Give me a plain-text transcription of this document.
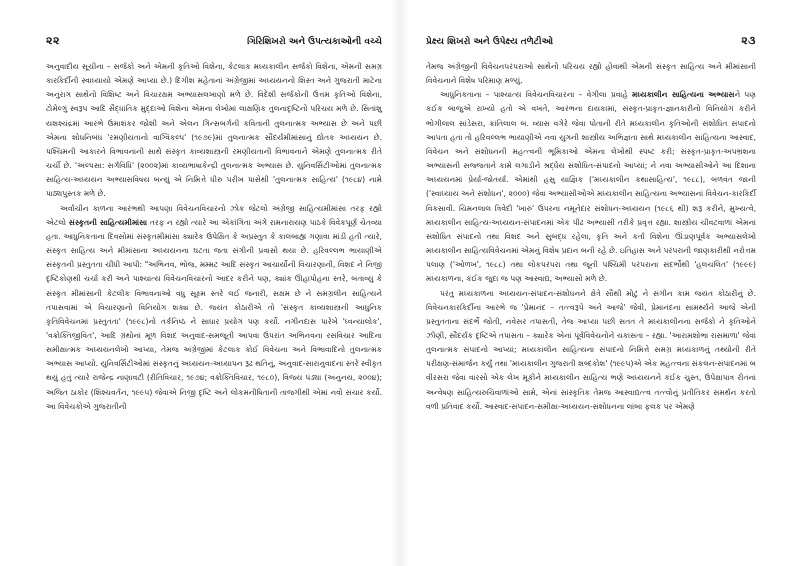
૨૨	ગિરિશિખરો અને ઉપત્યકાઓની વચ્ચે

અનુવાદીય સૂચીના – સર્જકો અને એમની કૃતિઓ વિશેના, કેટલાક મધ્યકાલીન સર્જકો વિશેના, એમની સમગ્ર કારકિર્દીની સ્વાધ્યાયો એમણે આપ્યા છે.) દિગીશ મહેતાનાં અંગ્રેજીમાં અધ્યયનનો શિસ્ત અને ગુજરાતી માટેના અનુરાગ સાથેનો વિશિષ્ટ અને વિચારક્ષમ અભ્યાસલખાણો મળે છે. વિદેશી સર્જકોની ઉત્તમ કૃતિઓ વિશેના, ટોમેલ્ગું સ્વરૂપ આદિ સૈદ્ધાંતિક મુદ્દાઓ વિશેના એમના લેખોમાં લાક્ષણિક તુલનાદૃષ્ટિનો પરિચય મળે છે. સિતાંશુ યશશ્ચંદ્રમાં આરંભે ઉમાશંકર જોશી અને એલન ગિન્સબર્ગની કવિતાની તુલનાત્મક અભ્યાસ છે અને પછી એમના શોધનિબંધ 'રમણીયતાનો વાગ્વિકલ્પ' (૧૯૭૯)માં તુલનાત્મક સૌંદર્યમીમાંસાનું દ્યોતક અધ્યયન છે. પશ્ચિમની આકારને વિભાવનાની સાથે સંસ્કૃત કાવ્યશાસ્ત્રની રમણીયતાની વિભાવનાને એમણે તુલનાત્મક રીતે ચર્ચી છે. 'અલ્પસા: સર્ગવિધિ' (૨૦૦૨)માં કાવ્યભાષાકેન્દ્રી તુલનાત્મક અભ્યાસ છે. યુનિવર્સિટીઓમાં તુલનાત્મક સાહિત્ય-અધ્યયન અભ્યાસવિષય બન્યું એ નિમિત્તે ધીરુ પરીખ પાસેથી 'તુલનાત્મક સાહિત્ય' (૧૯૮૪) નામે પાઠ્યપુસ્તક મળે છે.

અર્વાચીન કાળના આરંભથી આપણા વિવેચનવિચારનો ઝોક જેટલો અંગ્રેજી સાહિત્યમીમાંસા તરફ રહ્યો એટલો સંસ્કૃતની સાહિત્યમીમાંસા તરફ ન રહ્યો ત્યારે આ એકાંગિતા અંગે રામનારાયણ પાઠકે વિવેકપૂર્ણ ચેતવ્યા હતા. આધુનિકતાના દિવસોમાં સંસ્કૃતમીમાંસા ક્યારેક ઉપેક્ષિત કે અપ્રસ્તુત કે કાલબાહ્ય ગણાવા માંડી હતી ત્યારે, સંસ્કૃત સાહિત્ય અને મીમાંસાના અધ્યયનના ઘટતા જતા સંગીની પ્રવાસો થયા છે. હરિવલ્લભ ભાયાણીએ સંસ્કૃતની પ્રસ્તુતતા ચીંધી આપી: "અભિનવ, ભોજ, મમ્મટ આદિ સંસ્કૃત આચાર્યોની વિચારણાની, વિશદ ને નિજી દૃષ્ટિકોણથી ચર્ચા કરી અને પાશ્ચાત્ય વિવેચનવિચારનો આદર કરીને પણ, ક્યાંક ઊહાપોહના સ્તરે, બતાવ્યું કે સંસ્કૃત મીમાંસાની કેટલીક વિભાવનાઓ વધુ સૂક્ષ્મ સ્તરે લઈ જનારી, સક્ષમ છે ને સમગ્રલીન સાહિત્યને તપાસવામાં એ વિચારણાનો વિનિયોગ શક્ય છે. જયંત કોઠારીએ તો 'સંસ્કૃત કાવ્યશાસ્ત્રની આધુનિક કૃતિવિવેચનમાં પ્રસ્તુતતા' (૧૯૯૮)નો તર્કનિષ્ઠ ને સાધાર પ્રયોગ પણ કર્યો. નગીનદાસ પારેખે 'ધ્વન્યાલોક', 'વક્રોક્તિજીવિત', આદિ ગ્રંથોનાં મૂળ વિશદ અનુવાદ-સમજૂતી આપવા ઉપરાંત અભિનવના રસવિચાર આદિના સમીક્ષાત્મક અધ્યયનલેખો આપ્યા, તેમજ અંગ્રેજીમાં કેટલાક કોઈ વિવેચના અને વિભાવાદિનો તુલનાત્મક અભ્યાસ આપ્યો. યુનિવર્સિટીઓમાં સંસ્કૃતનું અધ્યયન-અધ્યાપન રૂઢ થતિનું, અનુવાદ-સારાનુવાદના સ્તરે સ્વીકૃત થયું હતું ત્યારે રાજેન્દ્ર નાણાવટી (રીતિવિચાર, ૧૯૭૪; વક્રોક્તિવિચાર, ૧૯૮૦), વિજય પંડ્યા (અનુનય, ૨૦૦૪); અજિત ઠાકોર (શિશ્ચવર્તન, ૧૯૯૫) જેવાએ નિજી દૃષ્ટિ અને લોકમનીષિતાની તાજગીથી એમાં નવો સંચાર કર્યો. આ વિવેચકોએ ગુજરાતીની

પ્રેક્ષ્ય શિખરો અને ઉપેક્ષ્ય તળેટીઓ	૨૩

તેમજ અંગ્રેજીની વિવેચનપરંપરાઓ સાથેનો પરિચય રહ્યો હોવાથી એમની સંસ્કૃત સાહિત્ય અને મીમાંસાની વિવેચનાને વિશેષ પરિમાણ મળ્યું.

આધુનિકતાના – પાશ્ચાત્ય વિવેચનવિચારના – વેગીલા પ્રવાહે મધ્યકાલીન સાહિત્યના અભ્યાસને પણ કંઈક બાજુએ રાખ્યો હતો એ વખતે, આરંભના દાયકામાં, સંસ્કૃત-પ્રાકૃત-જ્ઞાનકારીનો વિનિયોગ કરીને ભોગીલાલ સાંડેસરા, ક્રાંતિલાલ બ. વ્યાસ વગેરે જેવા પોતાની રીતે મધ્યકાલીન કૃતિઓની સંશોધિત સંપાદનો આપતા હતા તો હરિવલ્લભ ભાયાણીએ નવા યુગની શાસ્ત્રીય અભિજ્ઞતા સાથે મધ્યકાલીન સાહિત્યના આસ્વાદ, વિવેચન અને સંશોધનની મહત્ત્વની ભૂમિકાઓ એમના લેખોથી સ્પષ્ટ કરી; સંસ્કૃત-પ્રાકૃત-અપભ્રંશના અભ્યાસની સજ્જતાને કામે લગાડીને શ્રદ્ધેય સંશોધિત-સંપાદનો આપ્યાં; ને નવા અભ્યાસીઓને આ દિશાના અધ્યયનમાં પ્રેર્યા-જોતર્યા. એમાંથી હસુ યાજ્ઞિક ('મધ્યકાલીન કથાસાહિત્ય', ૧૯૮૮), બળવંત જાની ('સ્વાધ્યાય અને સંશોધન', ૨૦૦૦) જેવા અભ્યાસીઓએ મધ્યકાલીન સાહિત્યના અભ્યાસનાં વિવેચન-કારકિર્દી વિકસાવી. ચિમનલાલ ત્રિવેદી 'ખારું' ઉપરના નમૂનેદાર સંશોધન-અધ્યયન (૧૯૮૬ થી) શરૂ કરીને, મુખ્યત્વે, મધ્યકાલીન સાહિત્ય-અધ્યયન-સંપાદનમાં એક પીઢ અભ્યાસી તરીકે પ્રવૃત્ત રહ્યા. શાસ્ત્રીય ચીવટવાળાં એમનાં સંશોધિત સંપાદનો તથા વિશદ અને સુબદ્ધ રહેલા, કૃતિ અને કર્તા વિશેના ઊંડાણપૂર્વક અભ્યાસલેખો મધ્યકાલીન સાહિત્યવિવેચનમાં એમનું વિશેષ પ્રદાન બની રહે છે. ઇતિહાસ અને પરંપરાની જાણકારીથી નરોત્તમ પલાણ ('ઓળખ', ૧૯૮૮) તથા લોકપરંપરા તથા જૂની પશ્ચિમી પરંપરાના સંદર્ભોથી 'હલચલિત' (૧૯૯૯) મધ્યકાળના, કંઈક જુદા જ પણ આસ્વાદ્ય, અભ્યાસો મળે છે.

પરંતુ મધ્યકાળના અધ્યયન-સંપાદન-સંશોધનને ક્ષેત્રે સૌથી મોટું ને સંગીન કામ જયંત કોઠારીનું છે. વિવેચનકારકિર્દીના આરંભે જ 'પ્રેમાનંદ – તત્ત્વરૂપે અને આજે' જેવી, પ્રેમાનંદના સામર્થ્યને આજે એની પ્રસ્તુતતાના સંદર્ભે જોતી, નવેસર તપાસતી, તેજ આપ્યા પછી સતત તે મધ્યકાલીનના સર્જકો ને કૃતિઓને ઝીણી, સૌંદર્યક દૃષ્ટિએ તપાસતા – ક્યારેક એનાં પૂર્વવિવેચનોને ચકાસતા – રહ્યા. 'આરામશોભા રાસમાળા' જેવાં તુલનાત્મક સંપાદનો આપ્યાં; મધ્યકાલીન સાહિત્યના સંપાદનો નિમિત્તે સમગ્ર મધ્યકાળનું તથ્યોની રીતે પરીક્ષણ-સંમાર્જન કર્યું તથા 'મધ્યકાલીન ગુજરાતી શબ્દકોશ' (૧૯૯૫)એ એક મહત્ત્વના સંકલન-સંપાદનમાં બ વીરસરા જેવા વારસો એક લેખ મૂકીને મધ્યકાલીન સાહિત્ય ભણે અધ્યયનને કંઈક ચુસ્ત, ઉપેક્ષાપાત્ર રીતનાં અન્વેષણ સાહિત્યરુચિવાળાંઓ સામે, એનાં સાંસ્કૃતિક તેમજ આસ્વાદ્યત્ત્વ તત્ત્વોનું પ્રતીતિકર સમર્થન કરતો વળી પ્રતિવાદ કર્યો. આસ્વાદ-સંપાદન-સમીક્ષા-અધ્યયન-સંશોધનના લાંબા ફલક પર એમણે
